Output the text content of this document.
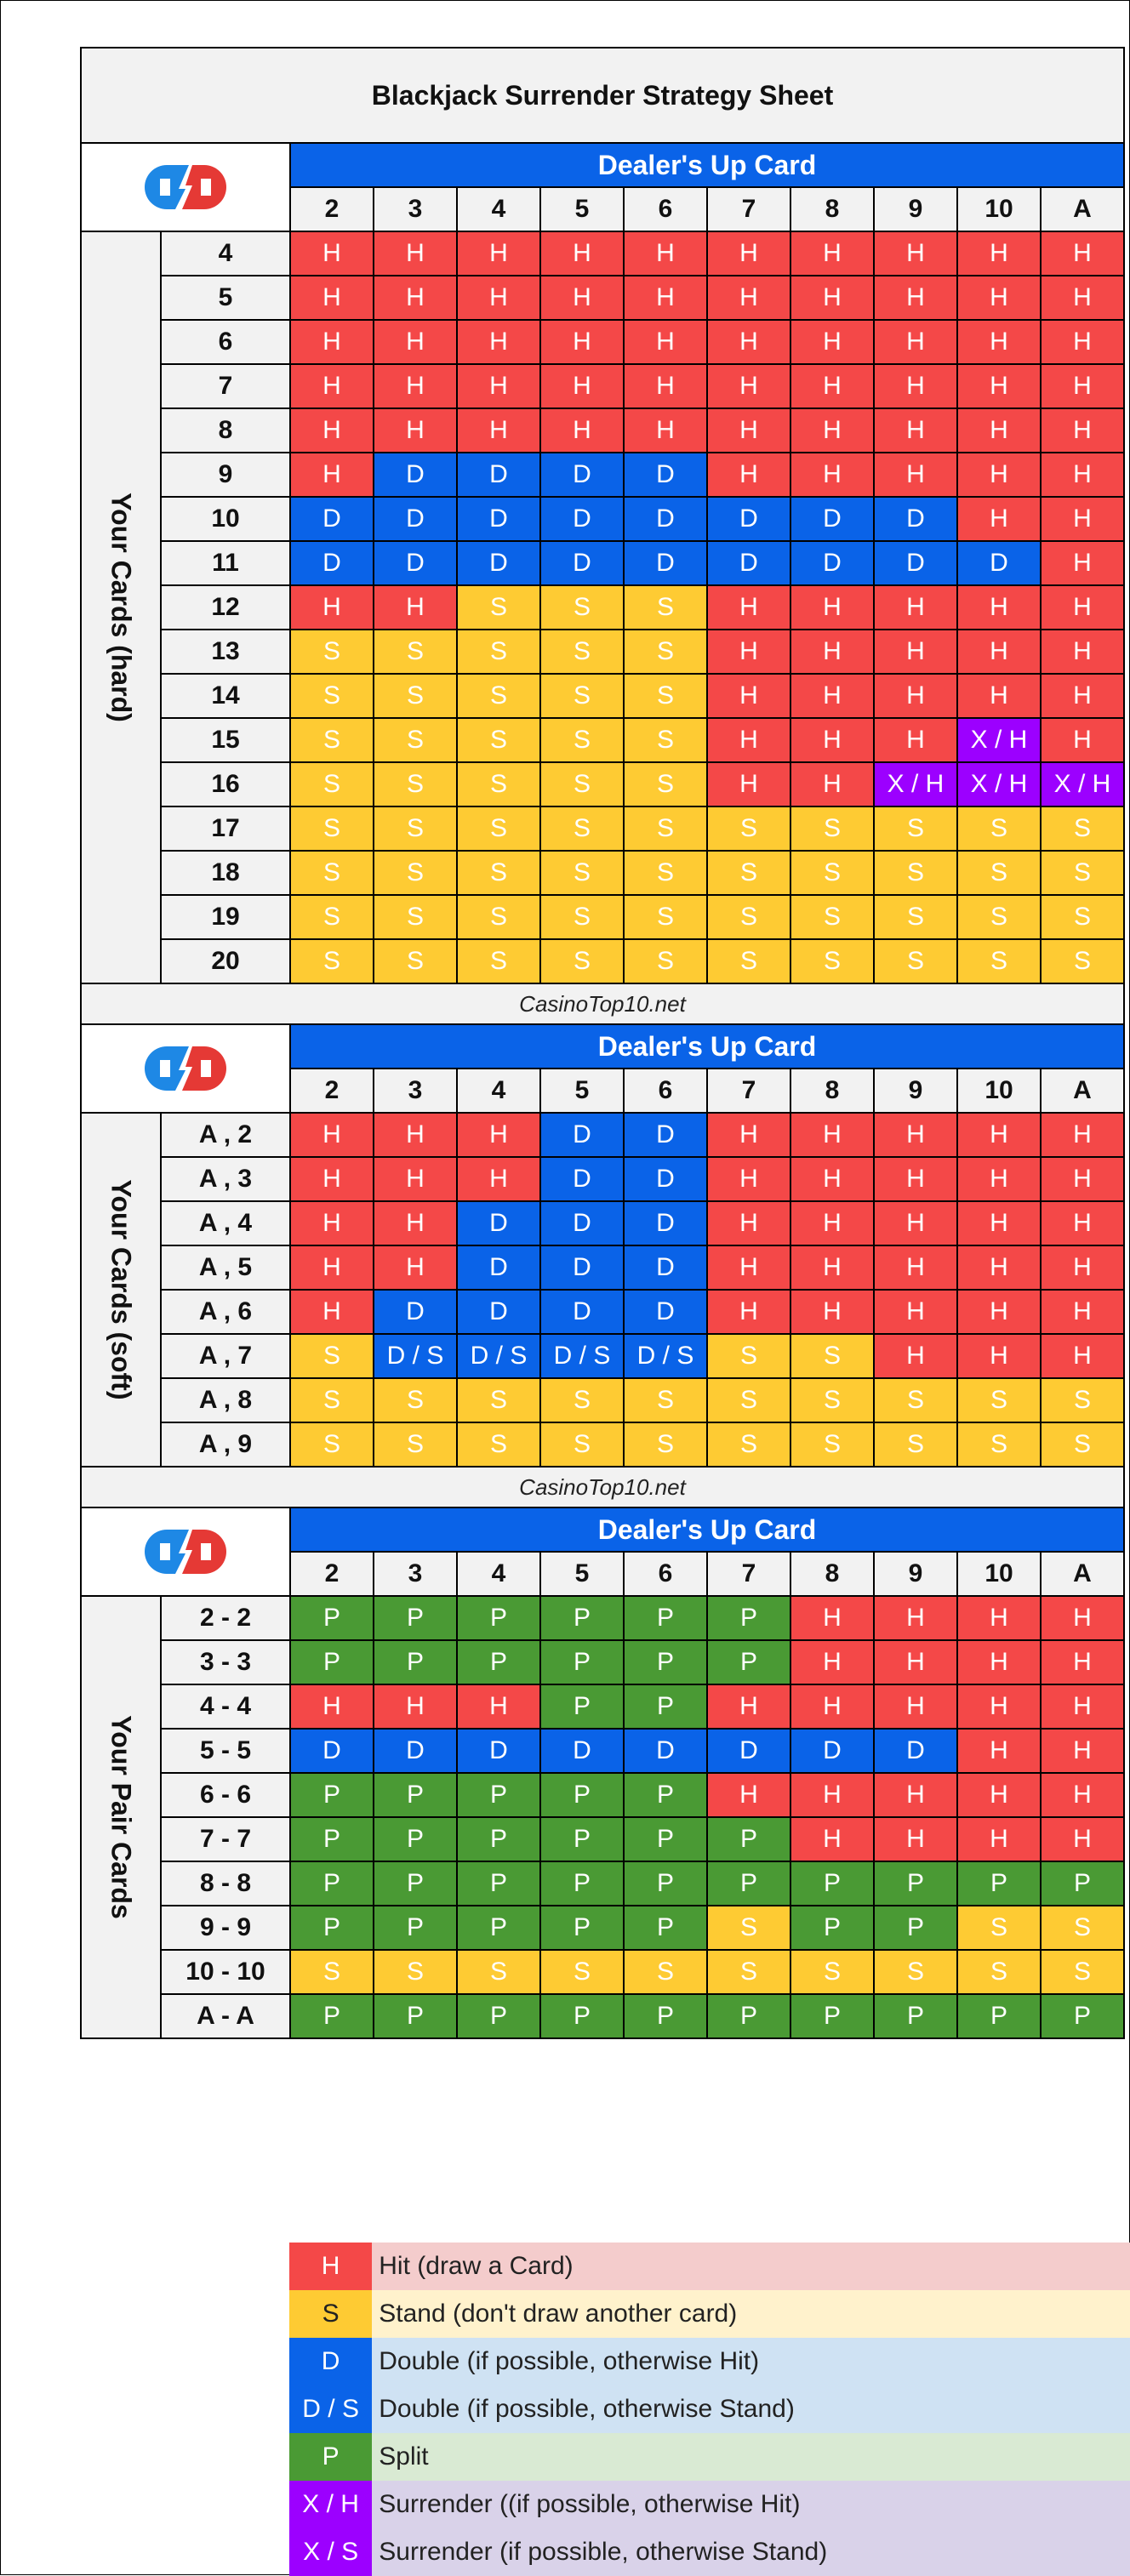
Blackjack Surrender Strategy Sheet											

	Dealer's Up Card									
		2	3	4	5	6	7	8	9	10	A

Your Cards (hard)	4	H	H	H	H	H	H	H	H	H	H
	5	H	H	H	H	H	H	H	H	H	H
	6	H	H	H	H	H	H	H	H	H	H
	7	H	H	H	H	H	H	H	H	H	H
	8	H	H	H	H	H	H	H	H	H	H
	9	H	D	D	D	D	H	H	H	H	H
	10	D	D	D	D	D	D	D	D	H	H
	11	D	D	D	D	D	D	D	D	D	H
	12	H	H	S	S	S	H	H	H	H	H
	13	S	S	S	S	S	H	H	H	H	H
	14	S	S	S	S	S	H	H	H	H	H
	15	S	S	S	S	S	H	H	H	X / H	H
	16	S	S	S	S	S	H	H	X / H	X / H	X / H
	17	S	S	S	S	S	S	S	S	S	S
	18	S	S	S	S	S	S	S	S	S	S
	19	S	S	S	S	S	S	S	S	S	S
	20	S	S	S	S	S	S	S	S	S	S
CasinoTop10.net											

	Dealer's Up Card									
		2	3	4	5	6	7	8	9	10	A

Your Cards (soft)	A , 2	H	H	H	D	D	H	H	H	H	H
	A , 3	H	H	H	D	D	H	H	H	H	H
	A , 4	H	H	D	D	D	H	H	H	H	H
	A , 5	H	H	D	D	D	H	H	H	H	H
	A , 6	H	D	D	D	D	H	H	H	H	H
	A , 7	S	D / S	D / S	D / S	D / S	S	S	H	H	H
	A , 8	S	S	S	S	S	S	S	S	S	S
	A , 9	S	S	S	S	S	S	S	S	S	S
CasinoTop10.net											

	Dealer's Up Card									
		2	3	4	5	6	7	8	9	10	A

Your Pair Cards	2 - 2	P	P	P	P	P	P	H	H	H	H
	3 - 3	P	P	P	P	P	P	H	H	H	H
	4 - 4	H	H	H	P	P	H	H	H	H	H
	5 - 5	D	D	D	D	D	D	D	D	H	H
	6 - 6	P	P	P	P	P	H	H	H	H	H
	7 - 7	P	P	P	P	P	P	H	H	H	H
	8 - 8	P	P	P	P	P	P	P	P	P	P
	9 - 9	P	P	P	P	P	S	P	P	S	S
	10 - 10	S	S	S	S	S	S	S	S	S	S
	A - A	P	P	P	P	P	P	P	P	P	P
H	Hit (draw a Card)
S	Stand (don't draw another card)
D	Double (if possible, otherwise Hit)
D / S	Double (if possible, otherwise Stand)
P	Split
X / H	Surrender ((if possible, otherwise Hit)
X / S	Surrender (if possible, otherwise Stand)
